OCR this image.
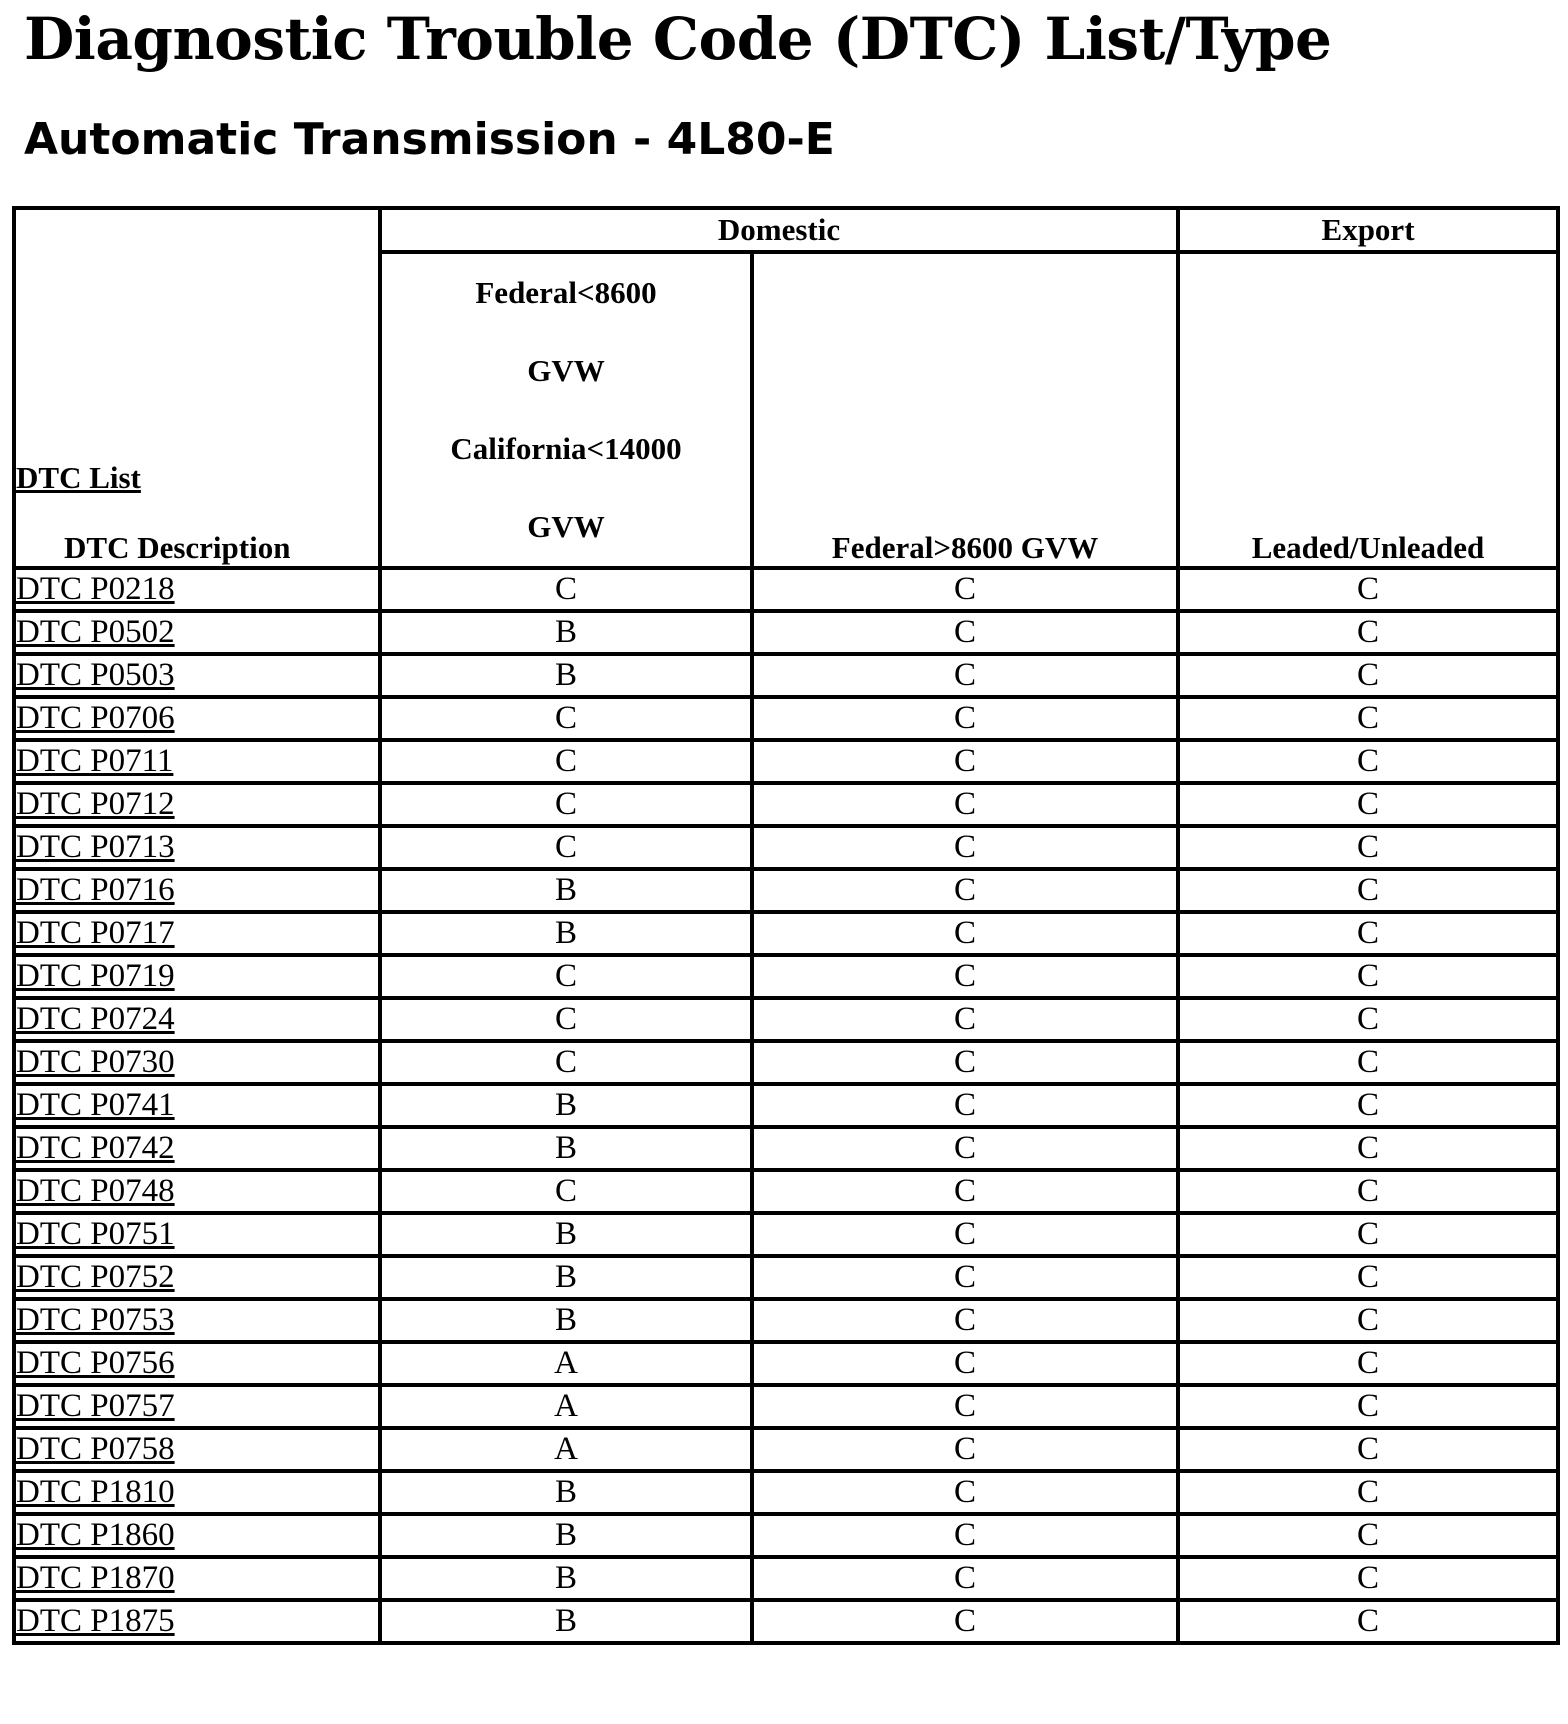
Diagnostic Trouble Code (DTC) List/Type
Automatic Transmission - 4L80-E
DTC List
DTC Description	Domestic		Export

	Federal<8600
GVW
California<14000
GVW	Federal>8600 GVW	Leaded/Unleaded

DTC P0218	C	C	C
DTC P0502	B	C	C
DTC P0503	B	C	C
DTC P0706	C	C	C
DTC P0711	C	C	C
DTC P0712	C	C	C
DTC P0713	C	C	C
DTC P0716	B	C	C
DTC P0717	B	C	C
DTC P0719	C	C	C
DTC P0724	C	C	C
DTC P0730	C	C	C
DTC P0741	B	C	C
DTC P0742	B	C	C
DTC P0748	C	C	C
DTC P0751	B	C	C
DTC P0752	B	C	C
DTC P0753	B	C	C
DTC P0756	A	C	C
DTC P0757	A	C	C
DTC P0758	A	C	C
DTC P1810	B	C	C
DTC P1860	B	C	C
DTC P1870	B	C	C
DTC P1875	B	C	C
